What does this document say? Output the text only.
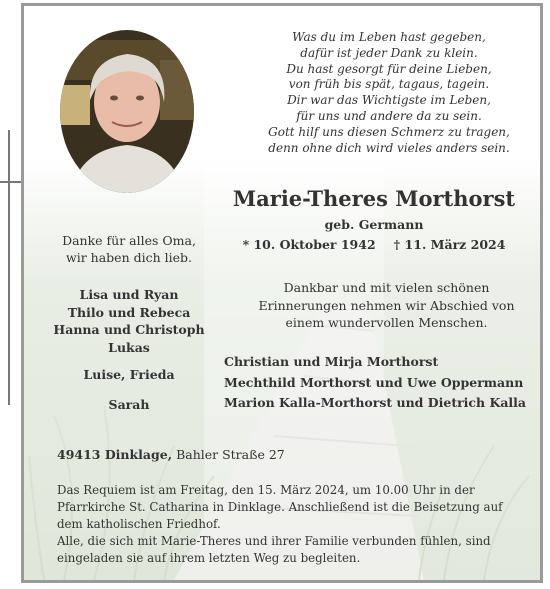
Was du im Leben hast gegeben,
dafür ist jeder Dank zu klein.
Du hast gesorgt für deine Lieben,
von früh bis spät, tagaus, tagein.
Dir war das Wichtigste im Leben,
für uns und andere da zu sein.
Gott hilf uns diesen Schmerz zu tragen,
denn ohne dich wird vieles anders sein.
Marie-Theres Morthorst
geb. Germann
* 10. Oktober 1942 † 11. März 2024
Danke für alles Oma,
wir haben dich lieb.
Lisa und Ryan
Thilo und Rebeca
Hanna und Christoph
Lukas
Luise, Frieda
Sarah
Dankbar und mit vielen schönen
Erinnerungen nehmen wir Abschied von
einem wundervollen Menschen.
Christian und Mirja Morthorst
Mechthild Morthorst und Uwe Oppermann
Marion Kalla-Morthorst und Dietrich Kalla
49413 Dinklage, Bahler Straße 27
Das Requiem ist am Freitag, den 15. März 2024, um 10.00 Uhr in der
Pfarrkirche St. Catharina in Dinklage. Anschließend ist die Beisetzung auf
dem katholischen Friedhof.
Alle, die sich mit Marie-Theres und ihrer Familie verbunden fühlen, sind
eingeladen sie auf ihrem letzten Weg zu begleiten.
